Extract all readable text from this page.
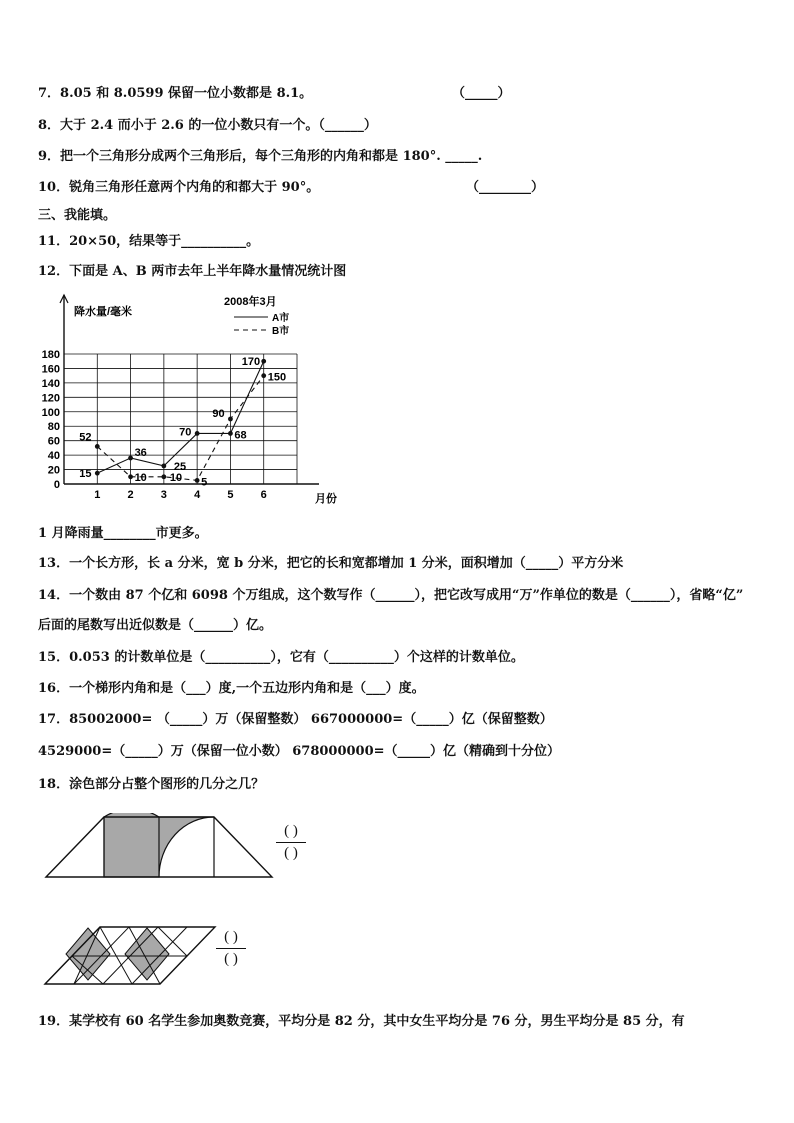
7．8.05 和 8.0599 保留一位小数都是 8.1。	（_____）
8．大于 2.4 而小于 2.6 的一位小数只有一个。（______）
9．把一个三角形分成两个三角形后，每个三角形的内角和都是 180°. _____.
10．锐角三角形任意两个内角的和都大于 90°。	（________）
三、我能填。
11．20×50，结果等于__________。
12．下面是 A、B 两市去年上半年降水量情况统计图
0
20
40
60
80
100
120
140
160
180
1 2 3 4 5 6
降水量/毫米
月份
2008年3月
A市
B市
15
36
25
70
170
52
10 10 5
90
150
68
1 月降雨量________市更多。
13．一个长方形，长 a 分米，宽 b 分米，把它的长和宽都增加 1 分米，面积增加（_____）平方分米
14．一个数由 87 个亿和 6098 个万组成，这个数写作（______），把它改写成用“万”作单位的数是（______），省略“亿”
后面的尾数写出近似数是（______）亿。
15．0.053 的计数单位是（__________），它有（__________）个这样的计数单位。
16．一个梯形内角和是（___）度,一个五边形内角和是（___）度。
17．85002000= （_____）万（保留整数） 667000000=（_____）亿（保留整数）
4529000=（_____）万（保留一位小数） 678000000=（_____）亿（精确到十分位）
18．涂色部分占整个图形的几分之几？
( )
( )
( )
( )
19．某学校有 60 名学生参加奥数竞赛，平均分是 82 分，其中女生平均分是 76 分，男生平均分是 85 分，有
